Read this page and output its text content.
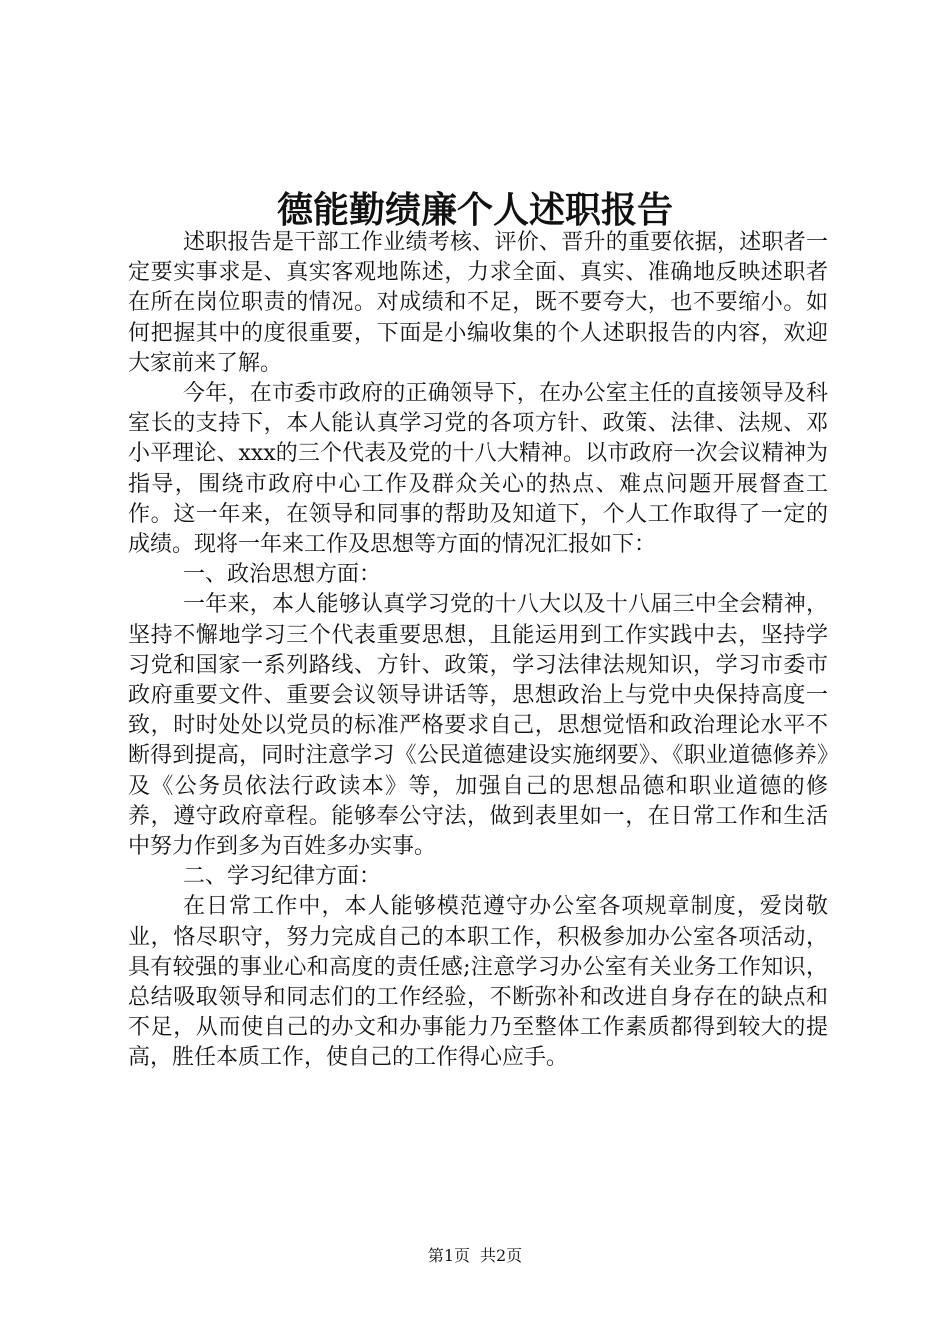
德能勤绩廉个人述职报告

述职报告是干部工作业绩考核、评价、晋升的重要依据，述职者一定要实事求是、真实客观地陈述，力求全面、真实、准确地反映述职者在所在岗位职责的情况。对成绩和不足，既不要夸大，也不要缩小。如何把握其中的度很重要，下面是小编收集的个人述职报告的内容，欢迎大家前来了解。

今年，在市委市政府的正确领导下，在办公室主任的直接领导及科室长的支持下，本人能认真学习党的各项方针、政策、法律、法规、邓小平理论、xxx的三个代表及党的十八大精神。以市政府一次会议精神为指导，围绕市政府中心工作及群众关心的热点、难点问题开展督查工作。这一年来，在领导和同事的帮助及知道下，个人工作取得了一定的成绩。现将一年来工作及思想等方面的情况汇报如下：

一、政治思想方面：

一年来，本人能够认真学习党的十八大以及十八届三中全会精神，坚持不懈地学习三个代表重要思想，且能运用到工作实践中去，坚持学习党和国家一系列路线、方针、政策，学习法律法规知识，学习市委市政府重要文件、重要会议领导讲话等，思想政治上与党中央保持高度一致，时时处处以党员的标准严格要求自己，思想觉悟和政治理论水平不断得到提高，同时注意学习《公民道德建设实施纲要》、《职业道德修养》及《公务员依法行政读本》等，加强自己的思想品德和职业道德的修养，遵守政府章程。能够奉公守法，做到表里如一，在日常工作和生活中努力作到多为百姓多办实事。

二、学习纪律方面：

在日常工作中，本人能够模范遵守办公室各项规章制度，爱岗敬业，恪尽职守，努力完成自己的本职工作，积极参加办公室各项活动，具有较强的事业心和高度的责任感;注意学习办公室有关业务工作知识，总结吸取领导和同志们的工作经验，不断弥补和改进自身存在的缺点和不足，从而使自己的办文和办事能力乃至整体工作素质都得到较大的提高，胜任本质工作，使自己的工作得心应手。

第1页 共2页
